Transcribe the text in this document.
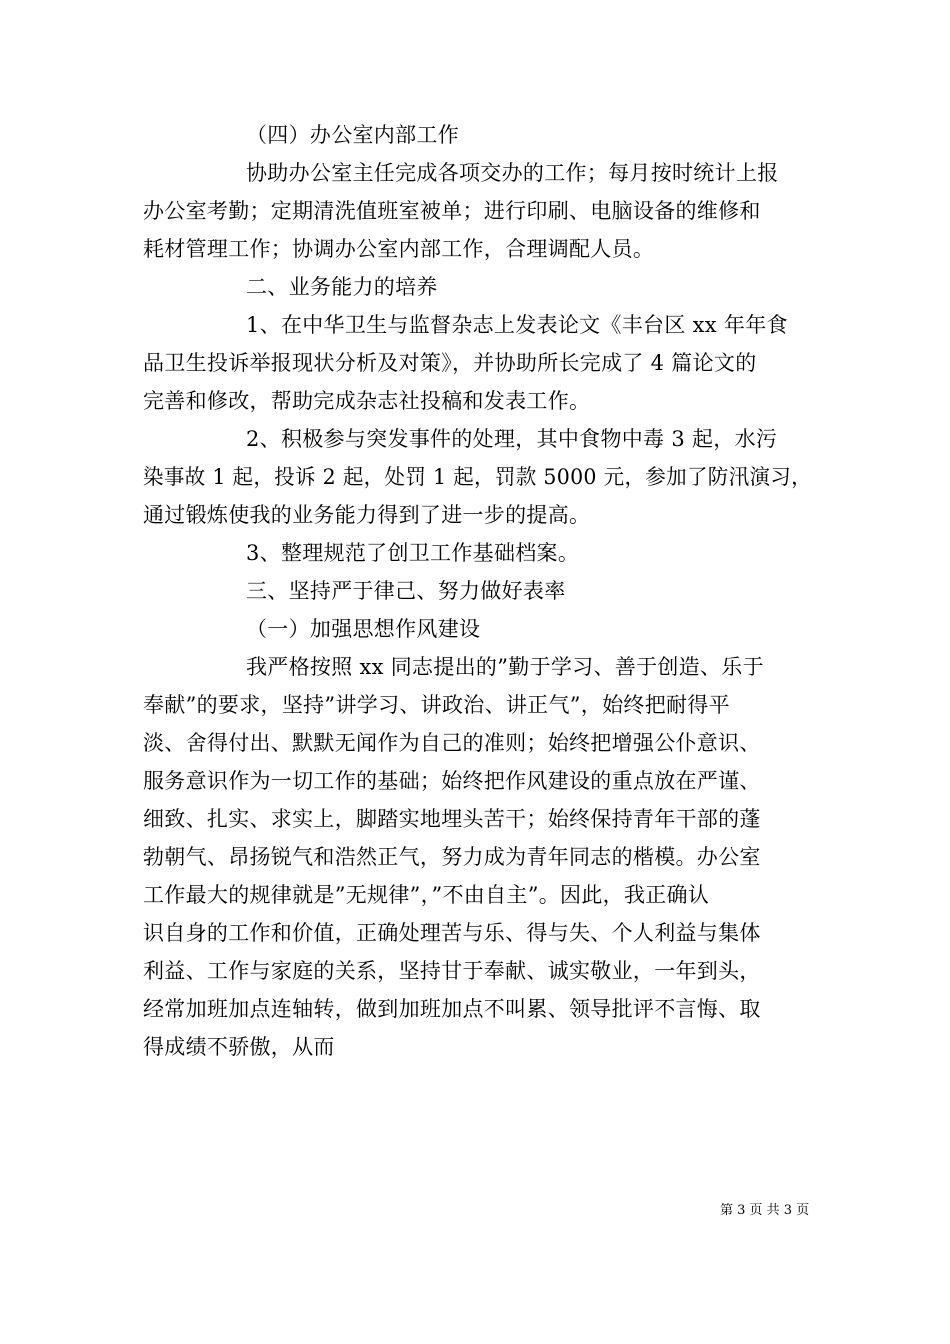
（四）办公室内部工作
协助办公室主任完成各项交办的工作；每月按时统计上报
办公室考勤；定期清洗值班室被单；进行印刷、电脑设备的维修和
耗材管理工作；协调办公室内部工作，合理调配人员。
二、业务能力的培养
1、在中华卫生与监督杂志上发表论文《丰台区 xx 年年食
品卫生投诉举报现状分析及对策》，并协助所长完成了 4 篇论文的
完善和修改，帮助完成杂志社投稿和发表工作。
2、积极参与突发事件的处理，其中食物中毒 3 起，水污
染事故 1 起，投诉 2 起，处罚 1 起，罚款 5000 元，参加了防汛演习，
通过锻炼使我的业务能力得到了进一步的提高。
3、整理规范了创卫工作基础档案。
三、坚持严于律己、努力做好表率
（一）加强思想作风建设
我严格按照 xx 同志提出的”勤于学习、善于创造、乐于
奉献”的要求，坚持”讲学习、讲政治、讲正气”，始终把耐得平
淡、舍得付出、默默无闻作为自己的准则；始终把增强公仆意识、
服务意识作为一切工作的基础；始终把作风建设的重点放在严谨、
细致、扎实、求实上，脚踏实地埋头苦干；始终保持青年干部的蓬
勃朝气、昂扬锐气和浩然正气，努力成为青年同志的楷模。办公室
工作最大的规律就是”无规律”，”不由自主”。因此，我正确认
识自身的工作和价值，正确处理苦与乐、得与失、个人利益与集体
利益、工作与家庭的关系，坚持甘于奉献、诚实敬业，一年到头，
经常加班加点连轴转，做到加班加点不叫累、领导批评不言悔、取
得成绩不骄傲，从而
第 3 页 共 3 页
